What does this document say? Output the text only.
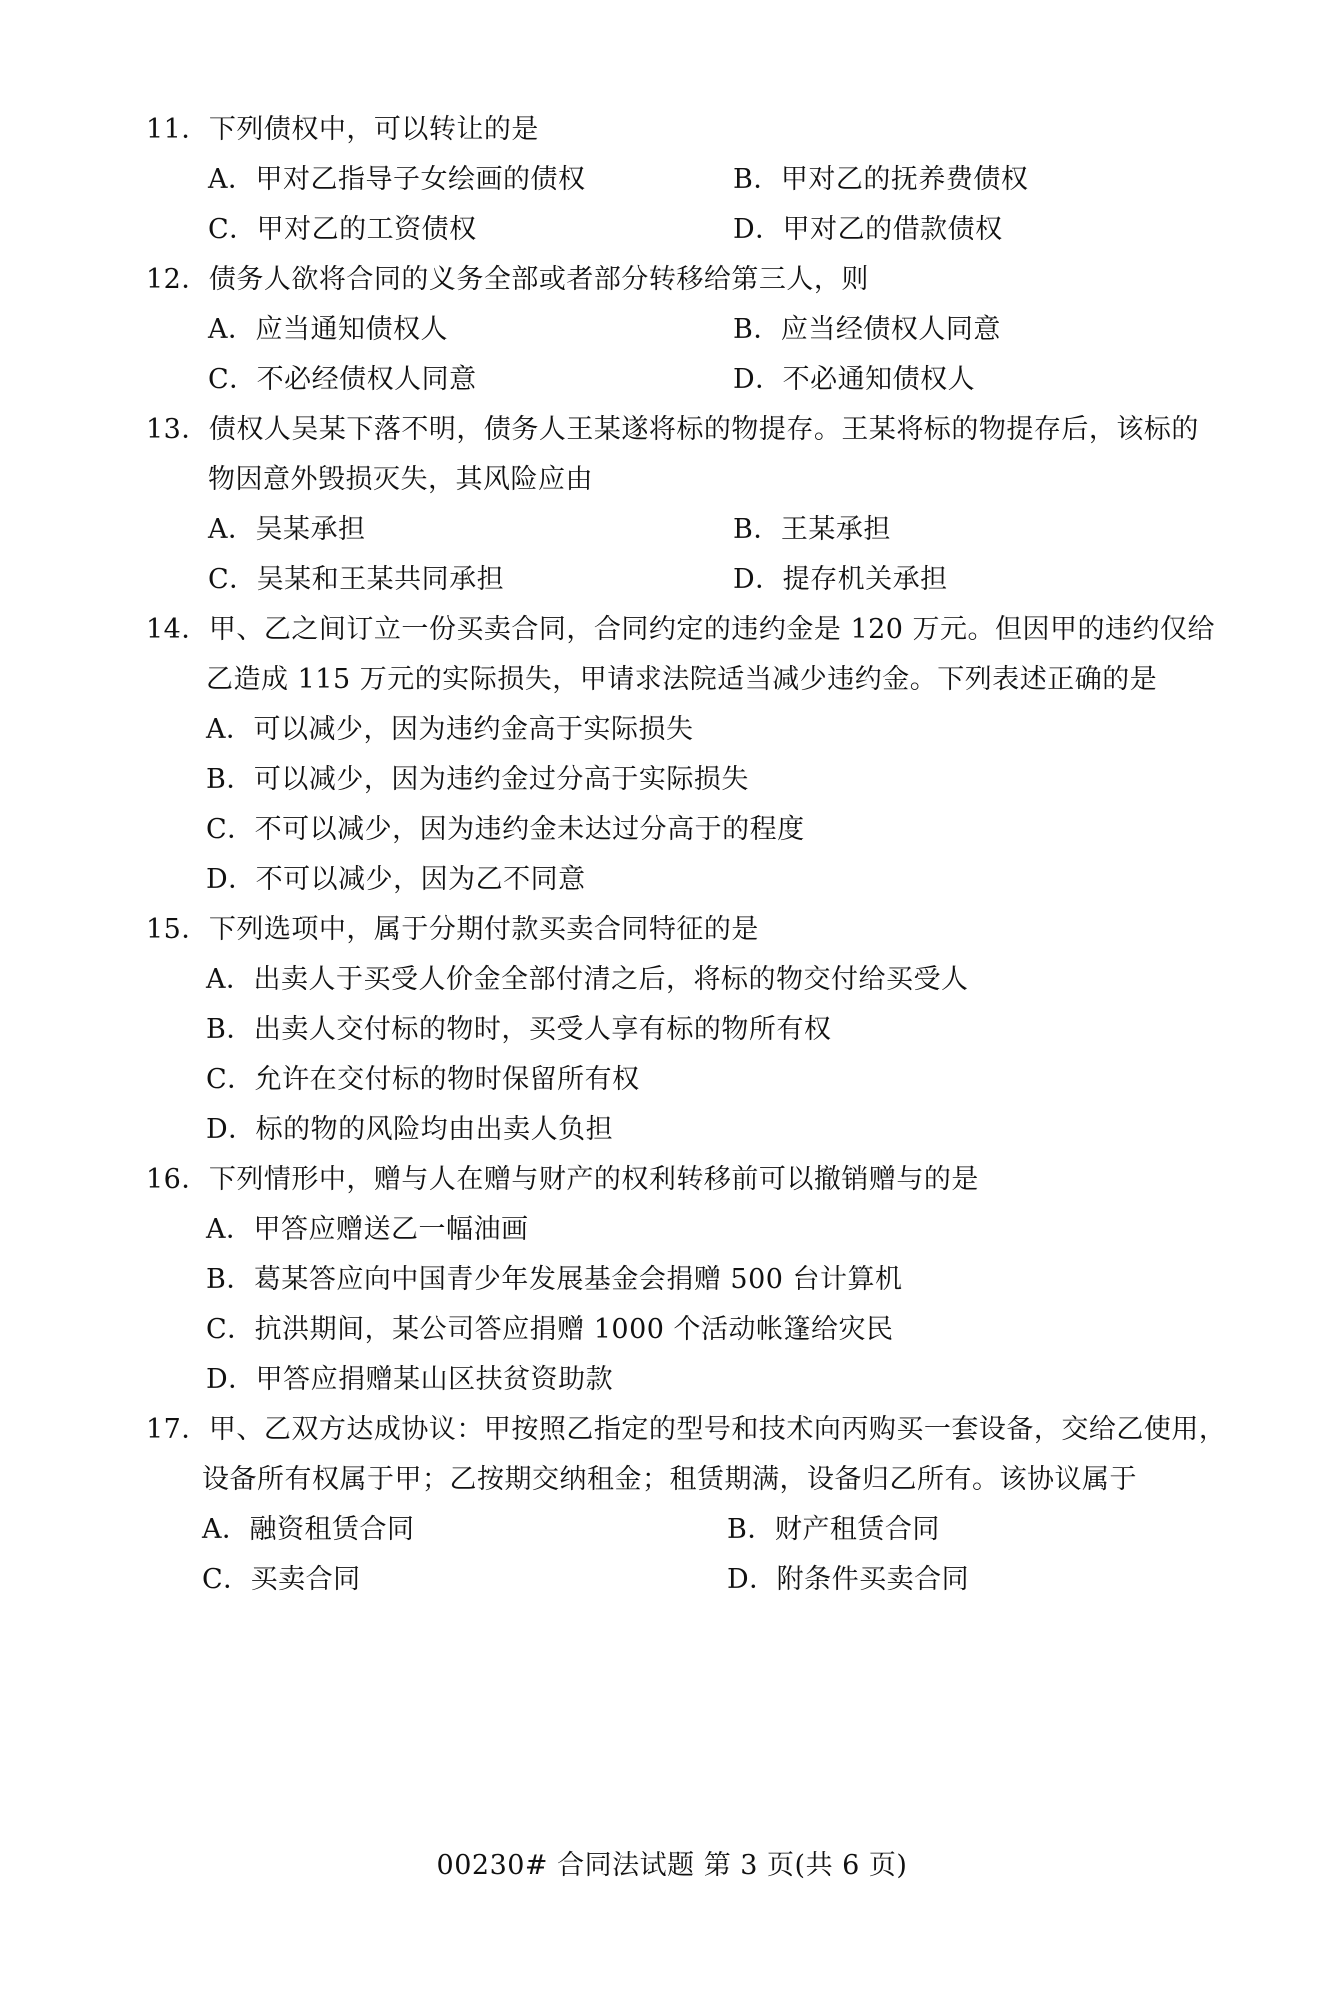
11．下列债权中，可以转让的是
A．甲对乙指导子女绘画的债权	B．甲对乙的抚养费债权
C．甲对乙的工资债权	D．甲对乙的借款债权
12．债务人欲将合同的义务全部或者部分转移给第三人，则
A．应当通知债权人	B．应当经债权人同意
C．不必经债权人同意	D．不必通知债权人
13．债权人吴某下落不明，债务人王某遂将标的物提存。王某将标的物提存后，该标的
物因意外毁损灭失，其风险应由
A．吴某承担	B．王某承担
C．吴某和王某共同承担	D．提存机关承担
14．甲、乙之间订立一份买卖合同，合同约定的违约金是 120 万元。但因甲的违约仅给
乙造成 115 万元的实际损失，甲请求法院适当减少违约金。下列表述正确的是
A．可以减少，因为违约金高于实际损失
B．可以减少，因为违约金过分高于实际损失
C．不可以减少，因为违约金未达过分高于的程度
D．不可以减少，因为乙不同意
15．下列选项中，属于分期付款买卖合同特征的是
A．出卖人于买受人价金全部付清之后，将标的物交付给买受人
B．出卖人交付标的物时，买受人享有标的物所有权
C．允许在交付标的物时保留所有权
D．标的物的风险均由出卖人负担
16．下列情形中，赠与人在赠与财产的权利转移前可以撤销赠与的是
A．甲答应赠送乙一幅油画
B．葛某答应向中国青少年发展基金会捐赠 500 台计算机
C．抗洪期间，某公司答应捐赠 1000 个活动帐篷给灾民
D．甲答应捐赠某山区扶贫资助款
17．甲、乙双方达成协议：甲按照乙指定的型号和技术向丙购买一套设备，交给乙使用，
设备所有权属于甲；乙按期交纳租金；租赁期满，设备归乙所有。该协议属于
A．融资租赁合同	B．财产租赁合同
C．买卖合同	D．附条件买卖合同
00230# 合同法试题 第 3 页(共 6 页)
